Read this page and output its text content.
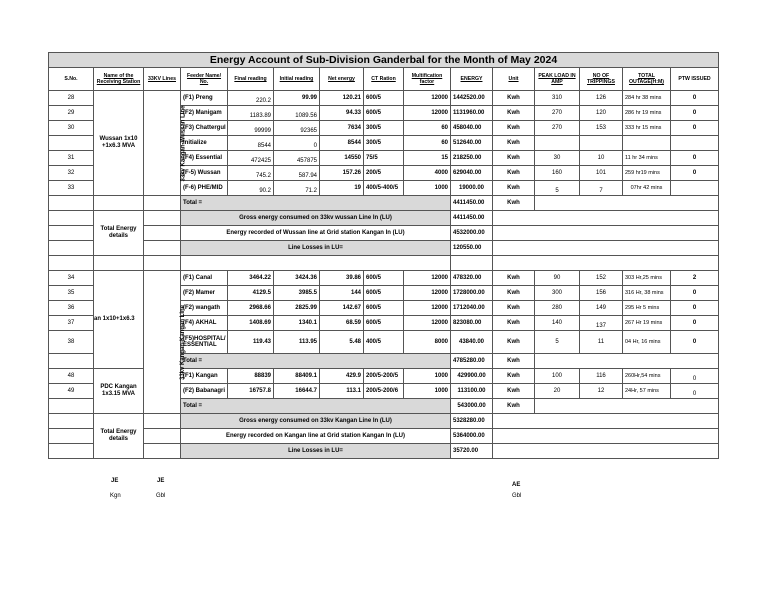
Energy Account of Sub-Division Ganderbal for the Month of May 2024														
S.No.	Name of the Receiving Station	33KV Lines	Feeder Name/ No.	Final reading	Initial reading	Net energy	CT Ration	Multification factor	ENERGY	Unit	PEAK LOAD IN AMP	NO OF TRIPPINGS	TOTAL OUTAGE(H:M)	PTW ISSUED
28	Wussan 1x10 +1x6.3 MVA	33kv Kangan-Wussan Line	(F1) Preng	220.2	99.99	120.21	600/5	12000	1442520.00	Kwh	310	126	284 hr 38 mins	0
29			(F2) Manigam	1183.89	1089.56	94.33	600/5	12000	1131960.00	Kwh	270	120	286 hr 19 mins	0
30			(F3) Chattergul	99999	92365	7634	300/5	60	458040.00	Kwh	270	153	333 hr 15 mins	0
			Initialize	8544	0	8544	300/5	60	512640.00	Kwh				
31			(F4) Essential	472425	457875	14550	75/5	15	218250.00	Kwh	30	10	11 hr 34 mins	0
32			(F-5) Wussan	745.2	587.94	157.26	200/5	4000	629040.00	Kwh	160	101	259 hr19 mins	0
33			(F-6) PHE/MID	90.2	71.2	19	400/5-400/5	1000	19000.00	Kwh	5	7	07hr 42 mins	
			Total =						4411450.00	Kwh				
	Total Energy details		Gross energy consumed on 33kv wussan Line In (LU)						4411450.00					
			Energy recorded of Wussan line at Grid station Kangan In (LU)						4532000.00					
			Line Losses in LU=						120550.00					

34	an 1x10+1x6.3	33kv Kangan-Kangan Line	(F1) Canal	3464.22	3424.36	39.86	600/5	12000	478320.00	Kwh	90	152	303 Hr,25 mins	2
35			(F2) Mamer	4129.5	3985.5	144	600/5	12000	1728000.00	Kwh	300	156	316 Hr, 38 mins	0
36			(F2) wangath	2968.66	2825.99	142.67	600/5	12000	1712040.00	Kwh	280	149	295 Hr 5 mins	0
37			(F4) AKHAL	1408.69	1340.1	68.59	600/5	12000	823080.00	Kwh	140	137	267 Hr 19 mins	0
38			(F5)HOSPITAL/ ESSENTIAL	119.43	113.95	5.48	400/5	8000	43840.00	Kwh	5	11	04 Hr, 16 mins	0
			Total =						4785280.00	Kwh				
48	PDC Kangan 1x3.15 MVA		(F1) Kangan	88839	88409.1	429.9	200/5-200/5	1000	429900.00	Kwh	100	116	260Hr,54 mins	0
49			(F2) Babanagri	16757.8	16644.7	113.1	200/5-200/6	1000	113100.00	Kwh	20	12	24Hr, 57 mins	0
			Total =						543000.00	Kwh				
	Total Energy details		Gross energy consumed on 33kv Kangan Line In (LU)						5328280.00					
			Energy recorded on Kangan line at Grid station Kangan In (LU)						5364000.00					
			Line Losses in LU=						35720.00					
JE
Kgn
JE
Gbl
AE
Gbl
